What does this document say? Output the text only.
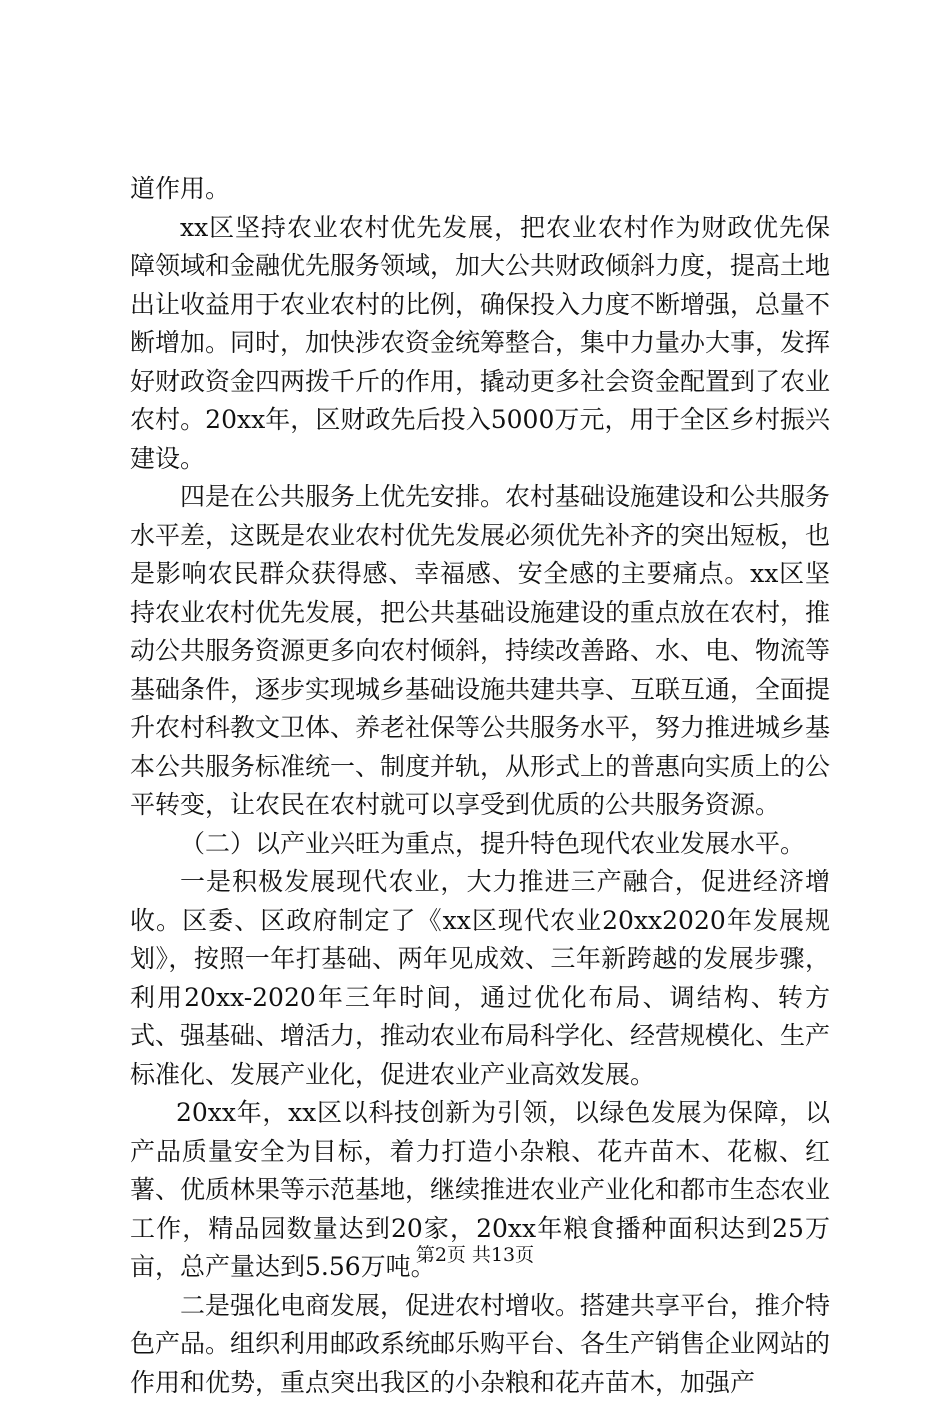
道作用。

xx区坚持农业农村优先发展，把农业农村作为财政优先保障领域和金融优先服务领域，加大公共财政倾斜力度，提高土地出让收益用于农业农村的比例，确保投入力度不断增强，总量不断增加。同时，加快涉农资金统筹整合，集中力量办大事，发挥好财政资金四两拨千斤的作用，撬动更多社会资金配置到了农业农村。20xx年，区财政先后投入5000万元，用于全区乡村振兴建设。

四是在公共服务上优先安排。农村基础设施建设和公共服务水平差，这既是农业农村优先发展必须优先补齐的突出短板，也是影响农民群众获得感、幸福感、安全感的主要痛点。xx区坚持农业农村优先发展，把公共基础设施建设的重点放在农村，推动公共服务资源更多向农村倾斜，持续改善路、水、电、物流等基础条件，逐步实现城乡基础设施共建共享、互联互通，全面提升农村科教文卫体、养老社保等公共服务水平，努力推进城乡基本公共服务标准统一、制度并轨，从形式上的普惠向实质上的公平转变，让农民在农村就可以享受到优质的公共服务资源。

（二）以产业兴旺为重点，提升特色现代农业发展水平。

一是积极发展现代农业，大力推进三产融合，促进经济增收。区委、区政府制定了《xx区现代农业20xx2020年发展规划》，按照一年打基础、两年见成效、三年新跨越的发展步骤，利用20xx-2020年三年时间，通过优化布局、调结构、转方式、强基础、增活力，推动农业布局科学化、经营规模化、生产标准化、发展产业化，促进农业产业高效发展。

20xx年，xx区以科技创新为引领，以绿色发展为保障，以产品质量安全为目标，着力打造小杂粮、花卉苗木、花椒、红薯、优质林果等示范基地，继续推进农业产业化和都市生态农业工作，精品园数量达到20家，20xx年粮食播种面积达到25万亩，总产量达到5.56万吨。

二是强化电商发展，促进农村增收。搭建共享平台，推介特色产品。组织利用邮政系统邮乐购平台、各生产销售企业网站的作用和优势，重点突出我区的小杂粮和花卉苗木，加强产

第2页 共13页
